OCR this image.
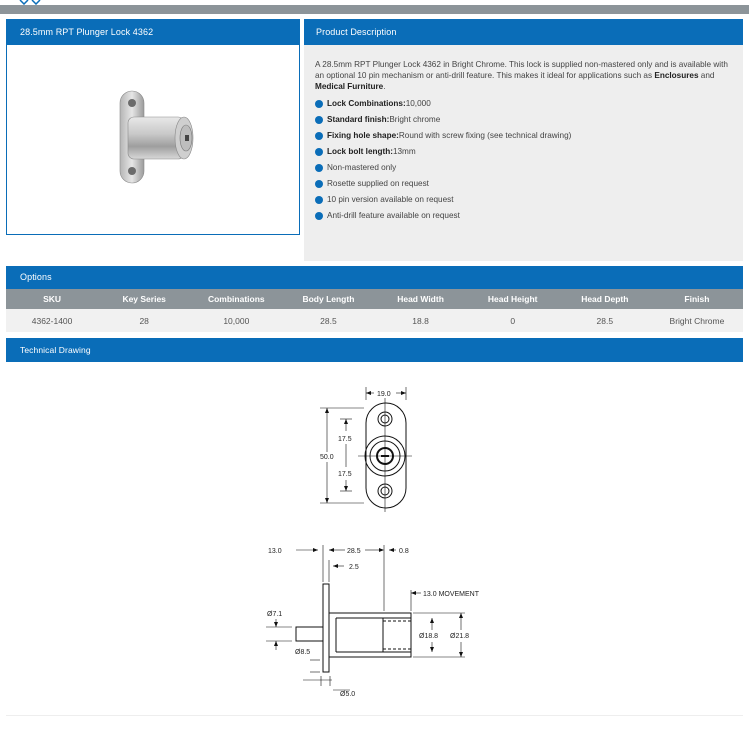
28.5mm RPT Plunger Lock 4362	Product Description
A 28.5mm RPT Plunger Lock 4362 in Bright Chrome. This lock is supplied non-mastered only and is available with an optional 10 pin mechanism or anti-drill feature. This makes it ideal for applications such as Enclosures and Medical Furniture.
Lock Combinations: 10,000
Standard finish: Bright chrome
Fixing hole shape: Round with screw fixing (see technical drawing)
Lock bolt length: 13mm
Non-mastered only
Rosette supplied on request
10 pin version available on request
Anti-drill feature available on request
Options
SKU	Key Series	Combinations	Body Length	Head Width	Head Height	Head Depth	Finish
4362-1400	28	10,000	28.5	18.8	0	28.5	Bright Chrome
Technical Drawing
19.0
50.0
17.5
17.5
13.0	28.5	0.8
2.5
13.0 MOVEMENT
Ø7.1
Ø18.8 Ø21.8
Ø8.5
Ø5.0
